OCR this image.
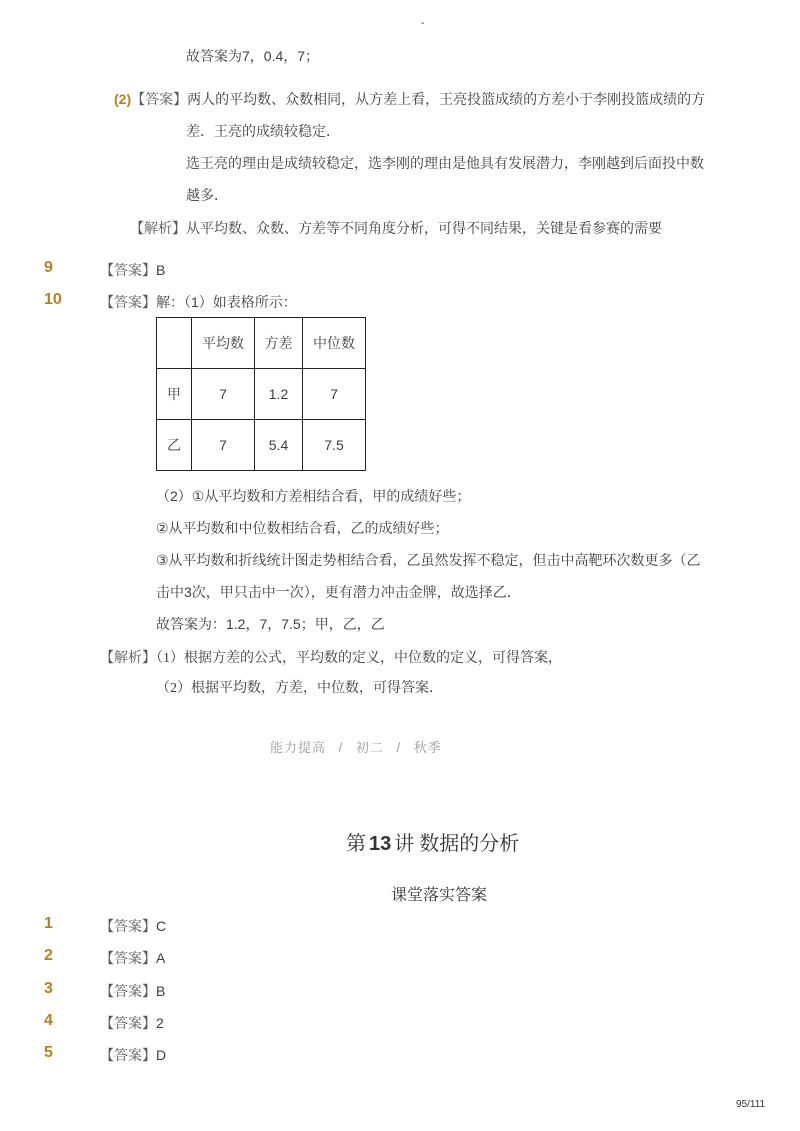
-
故答案为7，0.4，7；
(2)【答案】两人的平均数、众数相同，从方差上看，王亮投篮成绩的方差小于李刚投篮成绩的方
差．王亮的成绩较稳定．
选王亮的理由是成绩较稳定，选李刚的理由是他具有发展潜力，李刚越到后面投中数
越多．
【解析】从平均数、众数、方差等不同角度分析，可得不同结果，关键是看参赛的需要
9	【答案】B
10	【答案】解：（1）如表格所示：
	平均数	方差	中位数
甲	7	1.2	7
乙	7	5.4	7.5
（2）①从平均数和方差相结合看，甲的成绩好些；
②从平均数和中位数相结合看，乙的成绩好些；
③从平均数和折线统计图走势相结合看，乙虽然发挥不稳定，但击中高靶环次数更多（乙
击中3次，甲只击中一次），更有潜力冲击金牌，故选择乙．
故答案为：1.2，7，7.5；甲，乙，乙
【解析】（1）根据方差的公式，平均数的定义，中位数的定义，可得答案，
（2）根据平均数，方差，中位数，可得答案．
能力提高 / 初二 / 秋季
第 13 讲 数据的分析
课堂落实答案
1	【答案】C
2	【答案】A
3	【答案】B
4	【答案】2
5	【答案】D
95/111
